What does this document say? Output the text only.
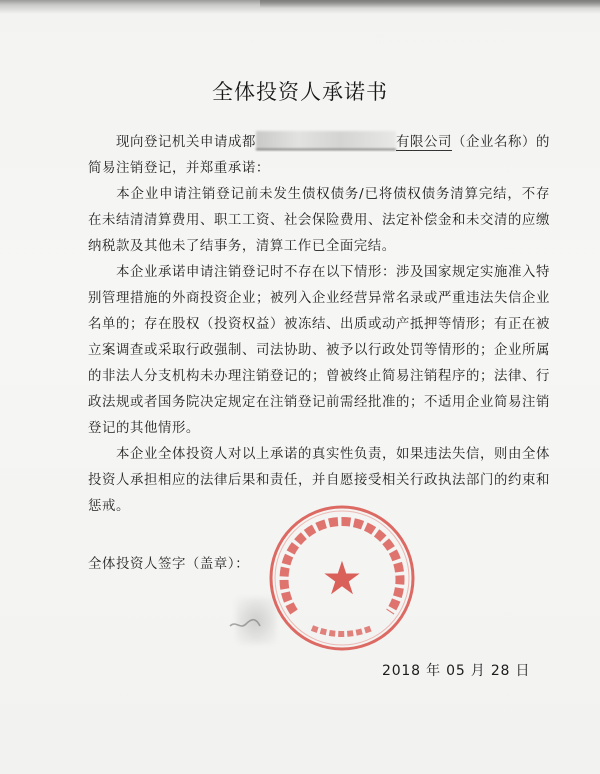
全体投资人承诺书
现向登记机关申请成都	有限公司（企业名称）的简易注销登记，并郑重承诺：
本企业申请注销登记前未发生债权债务/已将债权债务清算完结，不存在未结清清算费用、职工工资、社会保险费用、法定补偿金和未交清的应缴纳税款及其他未了结事务，清算工作已全面完结。
本企业承诺申请注销登记时不存在以下情形：涉及国家规定实施准入特别管理措施的外商投资企业；被列入企业经营异常名录或严重违法失信企业名单的；存在股权（投资权益）被冻结、出质或动产抵押等情形；有正在被立案调查或采取行政强制、司法协助、被予以行政处罚等情形的；企业所属的非法人分支机构未办理注销登记的；曾被终止简易注销程序的；法律、行政法规或者国务院决定规定在注销登记前需经批准的；不适用企业简易注销登记的其他情形。
本企业全体投资人对以上承诺的真实性负责，如果违法失信，则由全体投资人承担相应的法律后果和责任，并自愿接受相关行政执法部门的约束和惩戒。
全体投资人签字（盖章）： ★
2018 年 05 月 28 日
